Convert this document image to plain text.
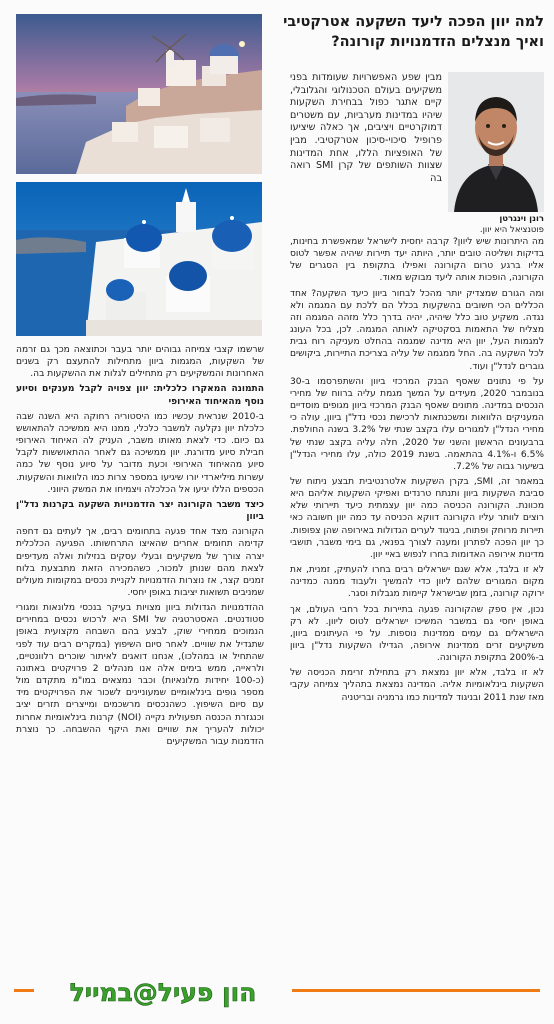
למה יוון הפכה ליעד השקעה אטרקטיבי ואיך מנצלים הזדמנויות קורונה?
רונן וינגרטן
פוטנציאל היא יוון.
מבין שפע האפשרויות שעומדות בפני משקיעים בעולם הטכנולוגי והגלובלי, קיים אתגר כפול בבחירת השקעות שיהיו במדינות מערביות, עם משטרים דמוקרטיים ויציבים, אך כאלה שיציעו פרופיל סיכוי-סיכון אטרקטיבי. מבין של האופציות הללו, אחת המדינות שצוות השותפים של קרן SMI רואה בה

מה היתרונות שיש ליוון? קרבה יחסית לישראל שמאפשרת בחינות, בדיקות ושליטה טובים יותר, היותה יעד תיירות שיהיה אפשר לטוס אליו ברגע טרום הקורונה ואפילו בתקופת בין הסגרים של הקורונה, הופכות אותה ליעד מבוקש מאוד.

ומה הגורם שמצדיק יותר מהכל לבחור ביוון כיעד השקעה? אחד הכללים הכי חשובים בהשקעות בכלל הם ללכת עם המגמה ולא נגדה. משקיע טוב כלל שיהיה, יהיה בדרך כלל מזהה המגמה וזה מצליח של התאמות בסקטיקה לאותה המגמה. לכן, בכל העונג למגמות העל, יוון היא מדינה שמגמה בהחלט מעניקה רוח גבית לכל השקעה בה. החל ממגמה של עליה בצריכת התיירות, ביקושים גוברים לנדל"ן ועוד.

על פי נתונים שאסף הבנק המרכזי ביוון והשתפרסמו ב-30 בנובמבר 2020, מעידים על המשך מגמת עליה ברווח של מחירי הנכסים במדינה. מתונים שאסף הבנק המרכזי ביוון מגופים מוסדיים המעניקים הלוואות ומשכנתאות לרכישת נכסי נדל"ן ביוון, עולה כי מחירי הנדל"ן למגורים עלו בקצב שנתי של 3.2% בשנה החולפת. ברבעונים הראשון והשני של 2020, חלה עליה בקצב שנתי של 6.5% ו-4.1% בהתאמה. בשנת 2019 כולה, עלו מחירי הנדל"ן בשיעור גבוה של 7.2%.

במאמר זה, SMI, בקרן השקעות אלטרנטיבית תבצע ניתוח של סביבת השקעות ביוון ותנתח טרנדים ואפיקי השקעות אליהם היא מכוונת. הקורונה הכניסה כמה יוון עצמתית כיעד תיירותי שלא רוצים לוותר עליו הקורונה דווקא הכניסה עד כמה יוון חשובה כאי תיירות מרוחק ופתוח, בניגוד לערים הגדולות באירופה שהן צפופות. כך יוון הפכה לפתרון ומענה לצורך בפנאי, גם בימי משבר, תושבי מדינות אירופה האדומות בחרו לנפוש באיי יוון.

לא זו בלבד, אלא שגם ישראלים רבים בחרו להעתיק, זמנית, את מקום המגורים שלהם ליוון כדי להמשיך ולעבוד ממנה כמדינה ירוקה קורונה, בזמן שבישראל קיימות מגבלות וסגר.

נכון, אין ספק שהקורונה פגעה בתיירות בכל רחבי העולם, אך באופן יחסי גם במשבר המשיכו ישראלים לטוס ליוון. לא רק הישראלים גם עמים ממדינות נוספות. על פי העיתונים ביוון, משקיעים זרים ממדינות אירופה, הגדילו השקעות נדל"ן ביוון ב-200% בתקופת הקורונה.

לא זו בלבד, אלא יוון נמצאת רק בתחילת זרימת הכניסה של השקעות בינלאומיות אליה. המדינה נמצאת בתהליך צמיחה עקבי מאז שנת 2011 ובניגוד למדינות כמו גרמניה ובריטניה

שרשמו קצבי צמיחה גבוהים יותר בעבר וכתוצאה מכך גם זרמה של השקעות, המגמות ביוון מתחילות להתעצם רק בשנים האחרונות והמשקיעים רק מתחילים לגלות את ההשקעות בה.

התמונה המאקרו כלכלית: יוון צפויה לקבל מענקים וסיוע נוסף מהאיחוד האירופי

ב-2010 שנראית עכשיו כמו היסטוריה רחוקה היא השנה שבה כלכלת יוון נקלעה למשבר כלכלי, ממנו היא ממשיכה להתאושש גם כיום. כדי לצאת מאותו משבר, העניק לה האיחוד האירופי חבילת סיוע מדורגת. יוון ממשיכה גם לאחר ההתאוששות לקבל סיוע מהאיחוד האירופי וכעת מדובר על סיוע נוסף של כמה עשרות מיליארדי יורו שיגיעו במספר צרות כמו הלוואות והשקעות. הכספים הללו יגיעו אל הכלכלה ויצמיחו את המשק היווני.

כיצד משבר הקורונה יצר הזדמנויות השקעה בקרנות נדל"ן ביוון

הקורונה מצד אחד פגעה בתחומים רבים, אך לעתים גם דחפה קדימה תחומים אחרים שהאיצו התרחשותו. הפגיעה הכלכלית יצרה צורך של משקיעים ובעלי עסקים בנזילות ואלה מעדיפים לצאת מהם שנותן למכור, כשהמכירה הזאת מתבצעת בלוח זמנים קצר, אז נוצרות הזדמנויות לקניית נכסים במקומות מעולים שמניבים תשואות יציבות באופן יחסי.

ההזדמנויות הגדולות ביוון מצויות בעיקר בנכסי מלונאות ומגורי סטודנטים. האסטרטגיה של SMI היא לרכוש נכסים במחירים הנמוכים ממחירי שוק, לבצע בהם השבחה מקצועית באופן שתגדיל את שוויים. לאחר סיום השיפוץ (במקרים רבים עוד לפני שהתחיל או במהלכו), אנחנו דואגים לאיתור שוכרים רלוונטיים, ולראייה, ממש בימים אלה אנו מנהלים 2 פרויקטים באתונה (כ-100 יחידות מלונאיות) וכבר נמצאים במו"מ מתקדם מול מספר גופים בינלאומיים שמעוניינים לשכור את הפרויקטים מיד עם סיום השיפוץ. כשהנכסים מרשכמים ומייצרים תזרים יציב וכנגזרת הכנסה תפעולית נקייה (NOI) קרנות בינלאומיות אחרות יכולות להעריך את שוויים ואת היקף ההשבחה. כך נוצרת הזדמנות עבור המשקיעים

הון פעיל@במייל
